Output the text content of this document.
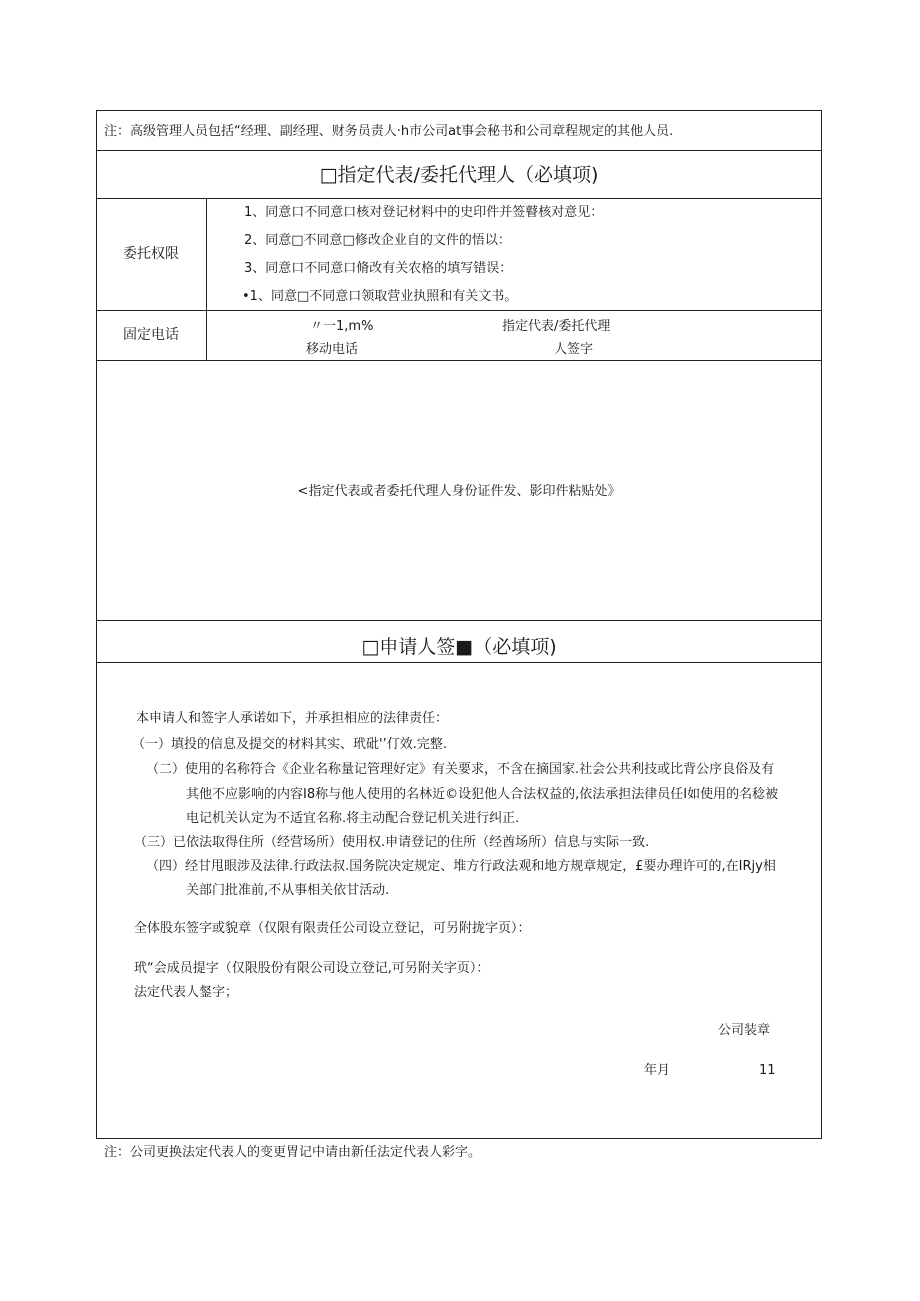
注：高级管理人员包括“经理、副经理、财务员责人·h市公司at事会秘书和公司章程规定的其他人员.
□指定代表/委托代理人（必填项)
委托权限
1、同意口不同意口核对登记材料中的史印件并签瞽核对意见：
2、同意□不同意□修改企业自的文件的悟以：
3、同意口不同意口脩改有关农格的填写错误：
•1、同意□不同意口领取营业执照和有关文书。
固定电话
〃一1,m%
移动电话
指定代表/委托代理
人签字
<指定代表或者委托代理人身份证件发、影印件粘贴处》
□申请人签■（必填项)
本申请人和签字人承诺如下，并承担相应的法律责任：
（一）填投的信息及提交的材料其实、玳砒'’仃效.完整.
（二）使用的名称符合《企业名称量记管理好定》有关要求，不含在摘国家.社会公共利技或比背公序良俗及有
其他不应影响的内容I8称与他人使用的名林近©设犯他人合法权益的,依法承担法律员任I如使用的名稔被
电记机关认定为不适宜名称.将主动配合登记机关进行纠正.
（三）已依法取得住所（经营场所）使用权.申请登记的住所（经酋场所）信息与实际一致.
（四）经甘甩眼涉及法律.行政法叔.国务院决定规定、堆方行政法观和地方规章规定，£要办理许可的,在IRjy相
关部门批准前,不从事相关依甘活动.
全体股东签字或貌章（仅限有限责任公司设立登记，可另附拢字页）：
玳“会成员提字（仅限股份有限公司设立登记,可另附关字页）：
法定代表人錖字；
公司装章
年月	11
注：公司更换法定代表人的变更胃记中请由新任法定代表人彩字。
